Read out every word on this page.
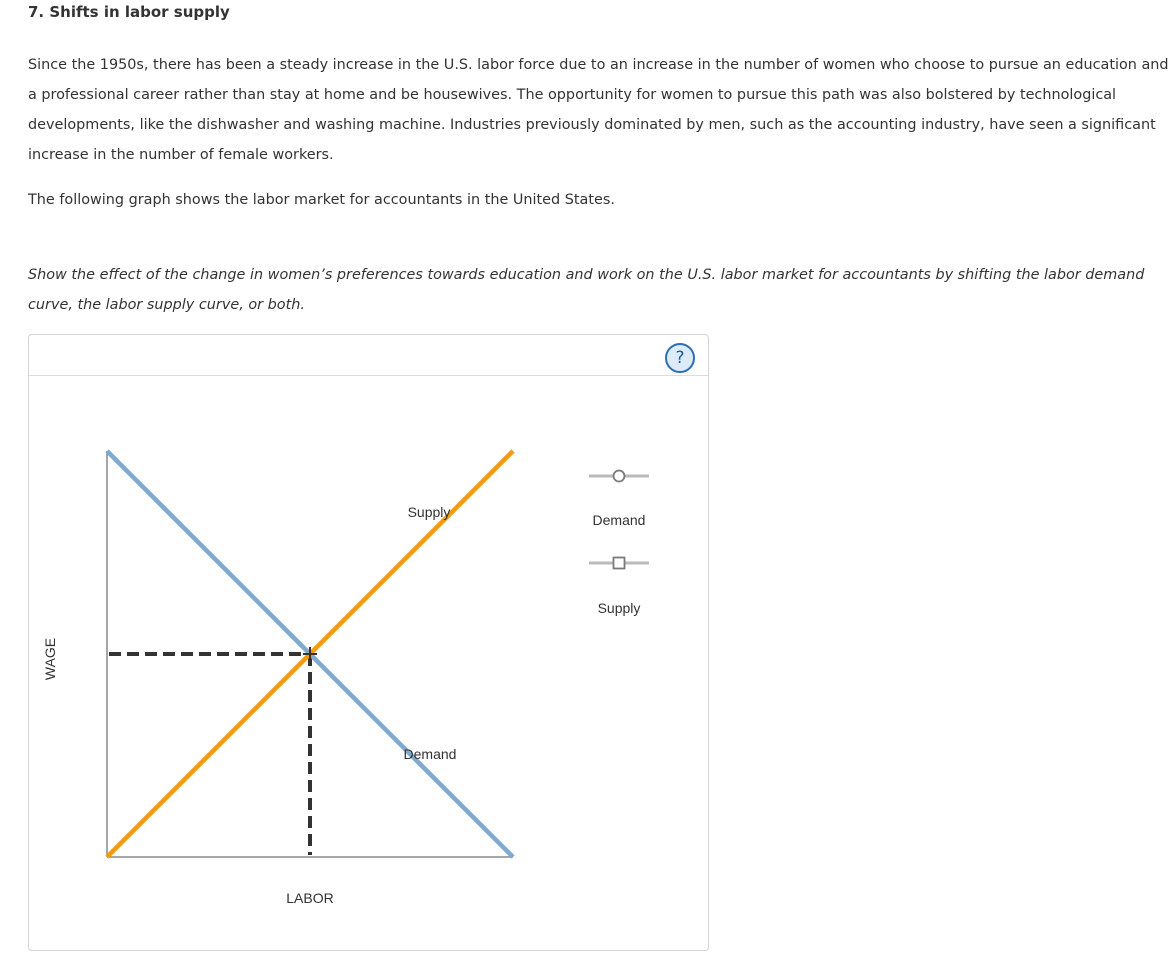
7. Shifts in labor supply

Since the 1950s, there has been a steady increase in the U.S. labor force due to an increase in the number of women who choose to pursue an education and a professional career rather than stay at home and be housewives. The opportunity for women to pursue this path was also bolstered by technological developments, like the dishwasher and washing machine. Industries previously dominated by men, such as the accounting industry, have seen a significant increase in the number of female workers.

The following graph shows the labor market for accountants in the United States.

Show the effect of the change in women’s preferences towards education and work on the U.S. labor market for accountants by shifting the labor demand curve, the labor supply curve, or both.

?
LABOR
WAGE
Supply
Demand
Demand
Supply
